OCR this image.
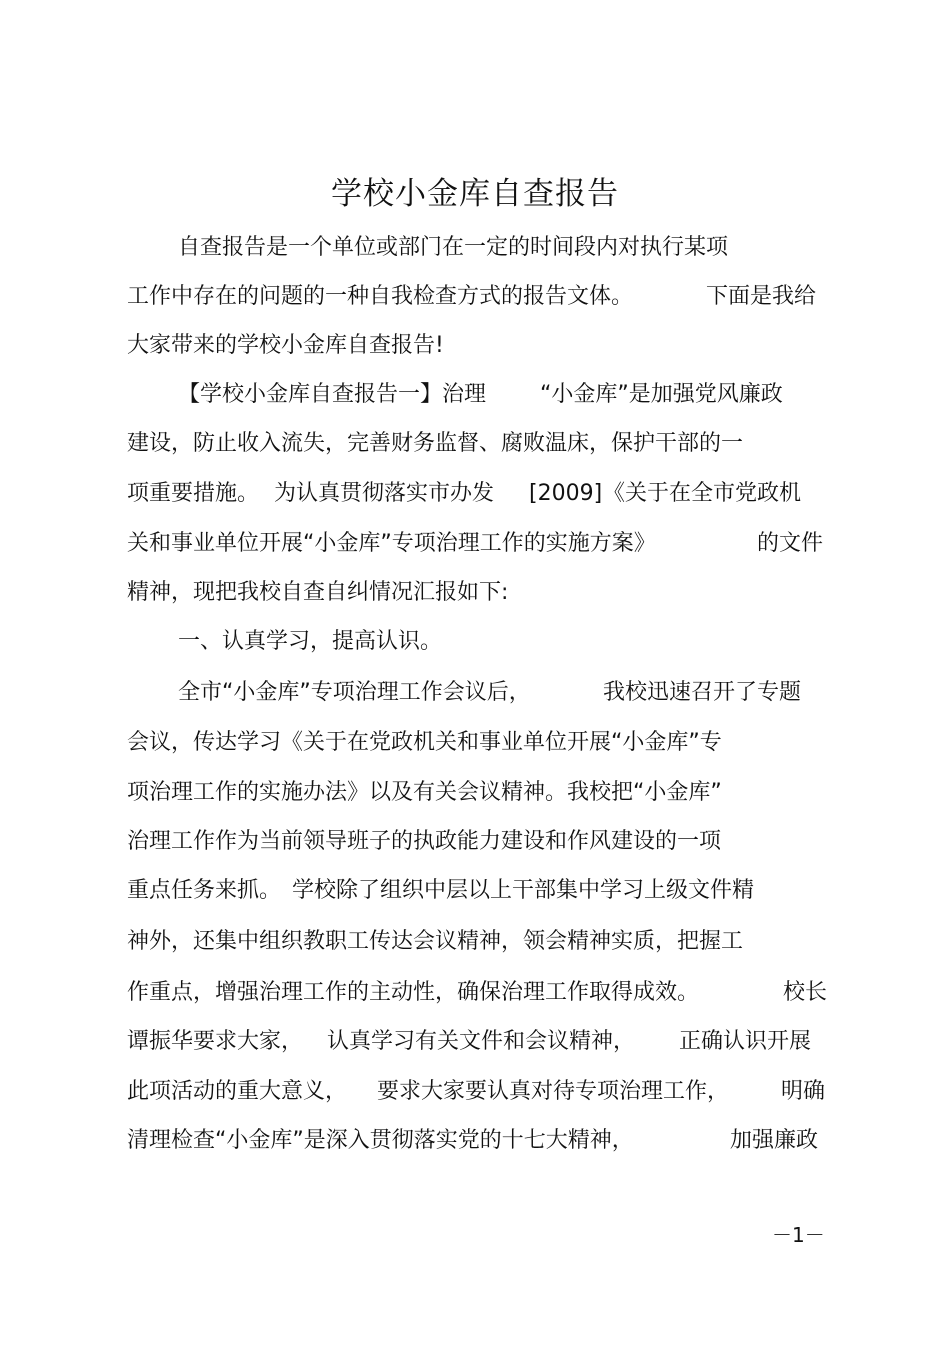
学校小金库自查报告
自查报告是一个单位或部门在一定的时间段内对执行某项
工作中存在的问题的一种自我检查方式的报告文体。	下面是我给
大家带来的学校小金库自查报告!
【学校小金库自查报告一】治理 “小金库”是加强党风廉政
建设，防止收入流失，完善财务监督、腐败温床，保护干部的一
项重要措施。 为认真贯彻落实市办发 [2009] 《关于在全市党政机
关和事业单位开展“小金库”专项治理工作的实施方案》	的文件
精神，现把我校自查自纠情况汇报如下:
一、认真学习，提高认识。
全市“小金库”专项治理工作会议后，	我校迅速召开了专题
会议，传达学习《关于在党政机关和事业单位开展“小金库”专
项治理工作的实施办法》以及有关会议精神。我校把“小金库”
治理工作作为当前领导班子的执政能力建设和作风建设的一项
重点任务来抓。 学校除了组织中层以上干部集中学习上级文件精
神外，还集中组织教职工传达会议精神，领会精神实质，把握工
作重点，增强治理工作的主动性，确保治理工作取得成效。	校长
谭振华要求大家， 认真学习有关文件和会议精神， 正确认识开展
此项活动的重大意义， 要求大家要认真对待专项治理工作， 明确
清理检查“小金库”是深入贯彻落实党的十七大精神，	加强廉政
－1－
